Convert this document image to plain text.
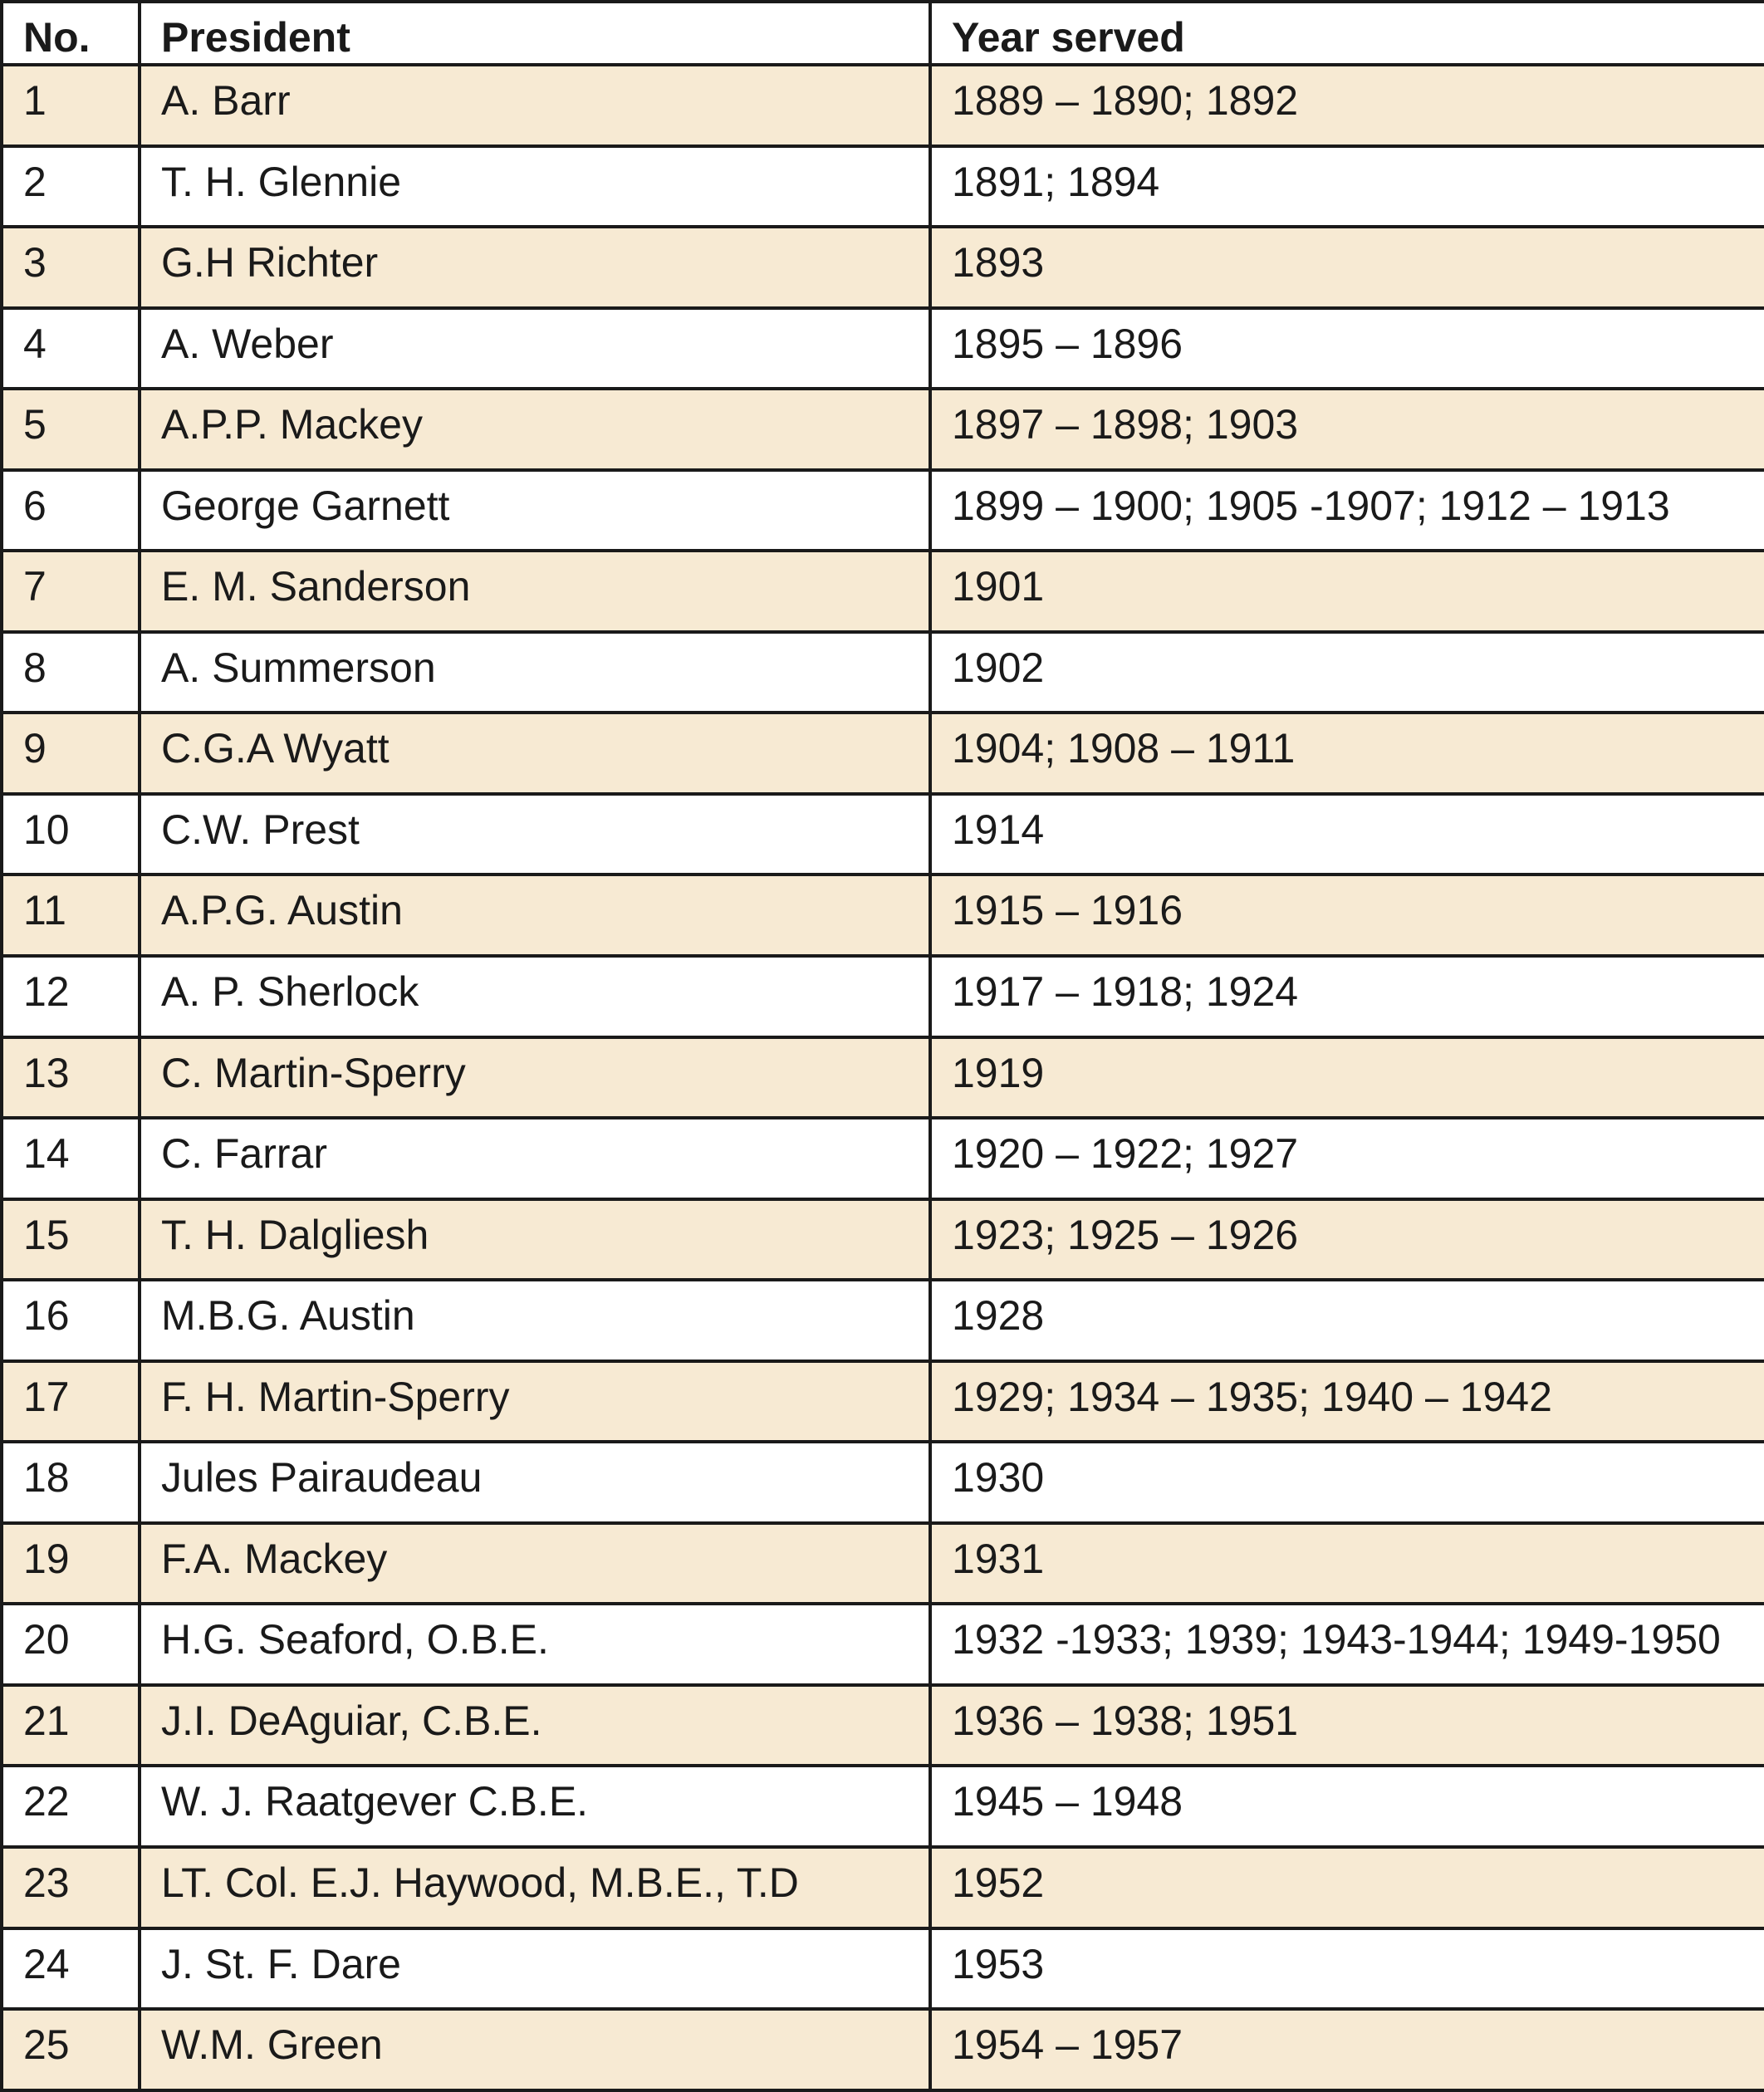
No.	President	Year served
1	A. Barr	1889 – 1890; 1892
2	T. H. Glennie	1891; 1894
3	G.H Richter	1893
4	A. Weber	1895 – 1896
5	A.P.P. Mackey	1897 – 1898; 1903
6	George Garnett	1899 – 1900; 1905 -1907; 1912 – 1913
7	E. M. Sanderson	1901
8	A. Summerson	1902
9	C.G.A Wyatt	1904; 1908 – 1911
10	C.W. Prest	1914
11	A.P.G. Austin	1915 – 1916
12	A. P. Sherlock	1917 – 1918; 1924
13	C. Martin-Sperry	1919
14	C. Farrar	1920 – 1922; 1927
15	T. H. Dalgliesh	1923; 1925 – 1926
16	M.B.G. Austin	1928
17	F. H. Martin-Sperry	1929; 1934 – 1935; 1940 – 1942
18	Jules Pairaudeau	1930
19	F.A. Mackey	1931
20	H.G. Seaford, O.B.E.	1932 -1933; 1939; 1943-1944; 1949-1950
21	J.I. DeAguiar, C.B.E.	1936 – 1938; 1951
22	W. J. Raatgever C.B.E.	1945 – 1948
23	LT. Col. E.J. Haywood, M.B.E., T.D	1952
24	J. St. F. Dare	1953
25	W.M. Green	1954 – 1957
